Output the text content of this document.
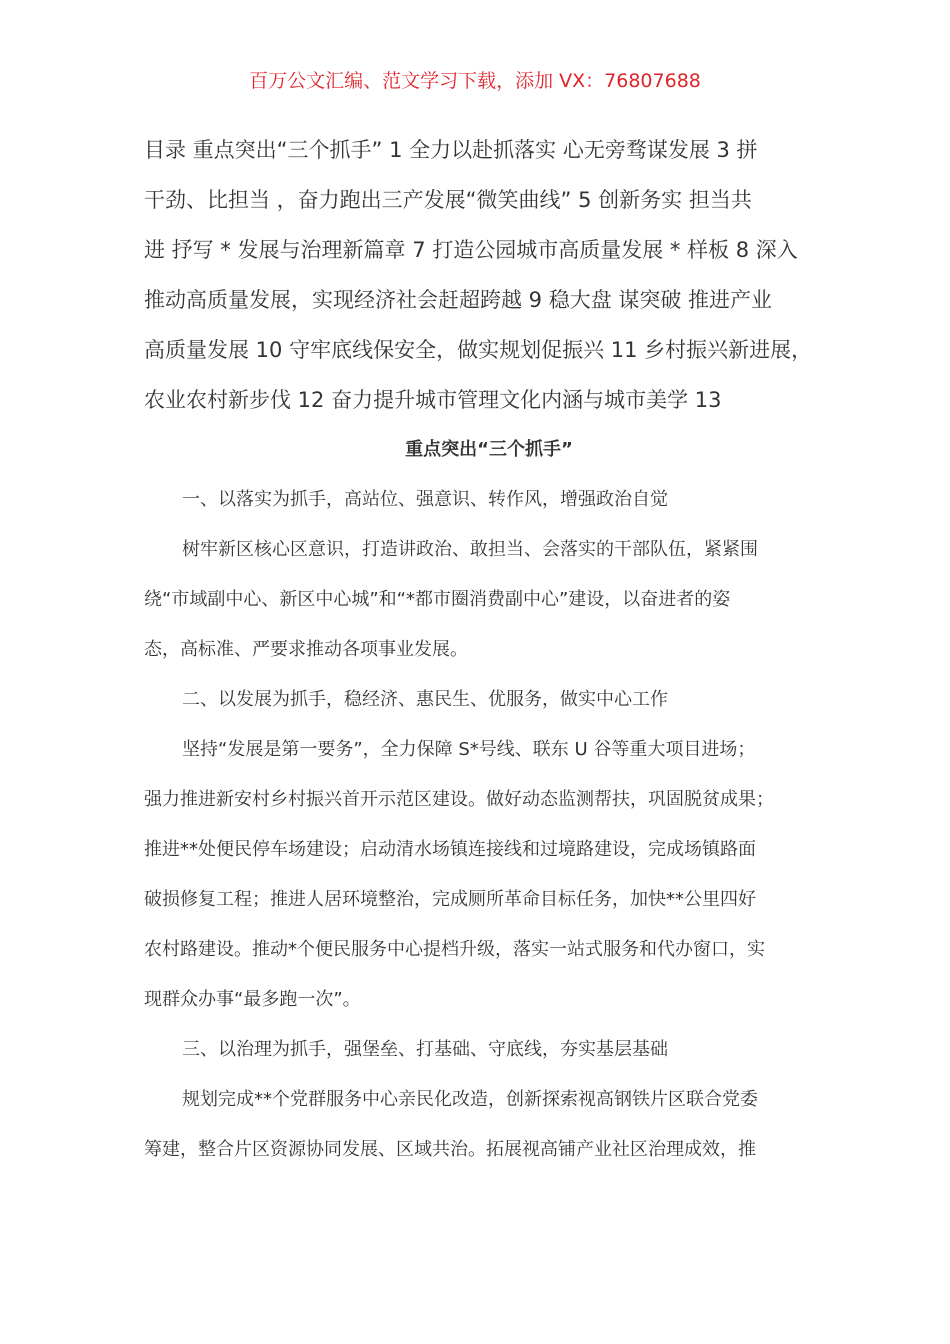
百万公文汇编、范文学习下载，添加 VX：76807688
目录 重点突出“三个抓手” 1 全力以赴抓落实 心无旁骛谋发展 3 拼
干劲、比担当 ，奋力跑出三产发展“微笑曲线” 5 创新务实 担当共
进 抒写 * 发展与治理新篇章 7 打造公园城市高质量发展 * 样板 8 深入
推动高质量发展，实现经济社会赶超跨越 9 稳大盘 谋突破 推进产业
高质量发展 10 守牢底线保安全，做实规划促振兴 11 乡村振兴新进展，
农业农村新步伐 12 奋力提升城市管理文化内涵与城市美学 13
重点突出“三个抓手”
一、以落实为抓手，高站位、强意识、转作风，增强政治自觉
树牢新区核心区意识，打造讲政治、敢担当、会落实的干部队伍，紧紧围
绕“市域副中心、新区中心城”和“*都市圈消费副中心”建设，以奋进者的姿
态，高标准、严要求推动各项事业发展。
二、以发展为抓手，稳经济、惠民生、优服务，做实中心工作
坚持“发展是第一要务”，全力保障 S*号线、联东 U 谷等重大项目进场；
强力推进新安村乡村振兴首开示范区建设。做好动态监测帮扶，巩固脱贫成果；
推进**处便民停车场建设；启动清水场镇连接线和过境路建设，完成场镇路面
破损修复工程；推进人居环境整治，完成厕所革命目标任务，加快**公里四好
农村路建设。推动*个便民服务中心提档升级，落实一站式服务和代办窗口，实
现群众办事“最多跑一次”。
三、以治理为抓手，强堡垒、打基础、守底线，夯实基层基础
规划完成**个党群服务中心亲民化改造，创新探索视高钢铁片区联合党委
筹建，整合片区资源协同发展、区域共治。拓展视高铺产业社区治理成效，推
